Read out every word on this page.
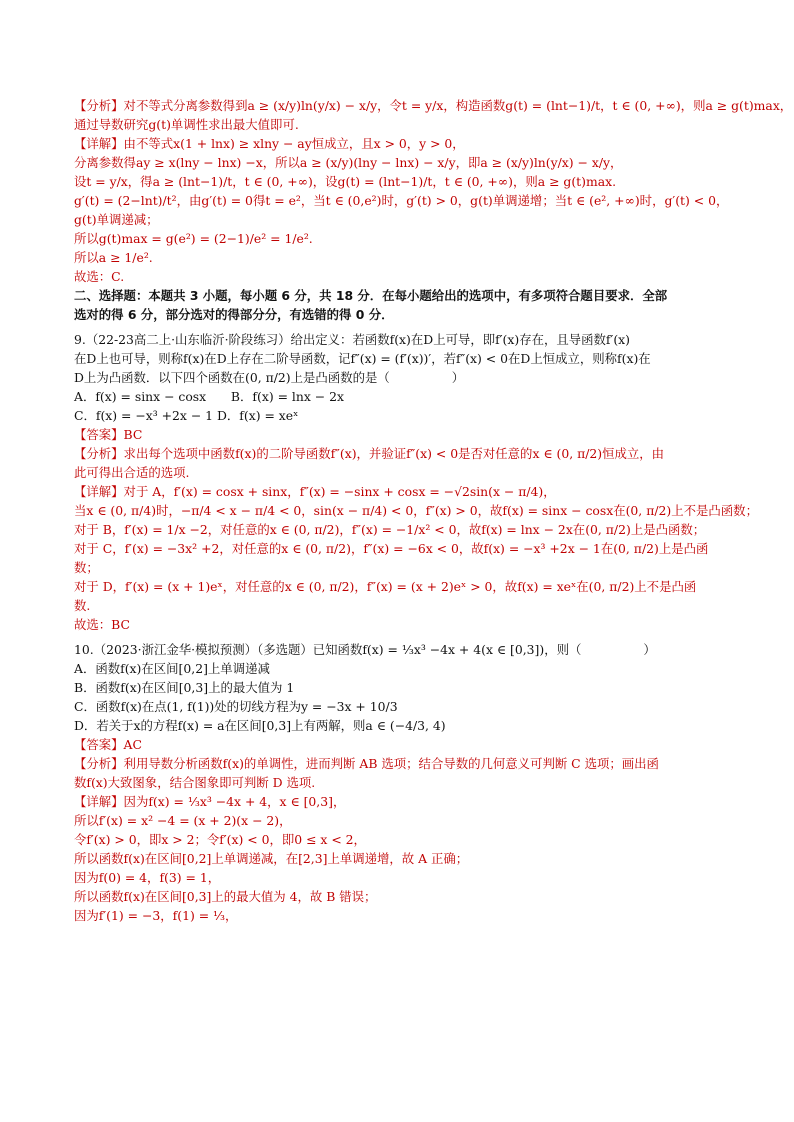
【分析】对不等式分离参数得到a ≥ (x/y)ln(y/x) − x/y，令t = y/x，构造函数g(t) = (lnt−1)/t，t ∈ (0, +∞)，则a ≥ g(t)max，
通过导数研究g(t)单调性求出最大值即可.
【详解】由不等式x(1 + lnx) ≥ xlny − ay恒成立，且x > 0，y > 0，
分离参数得ay ≥ x(lny − lnx) −x，所以a ≥ (x/y)(lny − lnx) − x/y，即a ≥ (x/y)ln(y/x) − x/y，
设t = y/x，得a ≥ (lnt−1)/t，t ∈ (0, +∞)，设g(t) = (lnt−1)/t，t ∈ (0, +∞)，则a ≥ g(t)max.
g′(t) = (2−lnt)/t²，由g′(t) = 0得t = e²，当t ∈ (0,e²)时，g′(t) > 0，g(t)单调递增；当t ∈ (e², +∞)时，g′(t) < 0，
g(t)单调递减；
所以g(t)max = g(e²) = (2−1)/e² = 1/e².
所以a ≥ 1/e².
故选：C.
二、选择题：本题共 3 小题，每小题 6 分，共 18 分．在每小题给出的选项中，有多项符合题目要求．全部
选对的得 6 分，部分选对的得部分分，有选错的得 0 分．
9.（22-23高二上·山东临沂·阶段练习）给出定义：若函数f(x)在D上可导，即f′(x)存在，且导函数f′(x)
在D上也可导，则称f(x)在D上存在二阶导函数，记f″(x) = (f′(x))′，若f″(x) < 0在D上恒成立，则称f(x)在
D上为凸函数．以下四个函数在(0, π/2)上是凸函数的是（　　　　　）
A．f(x) = sinx − cosx　　B．f(x) = lnx − 2x
C．f(x) = −x³ +2x − 1 D．f(x) = xeˣ
【答案】BC
【分析】求出每个选项中函数f(x)的二阶导函数f″(x)，并验证f″(x) < 0是否对任意的x ∈ (0, π/2)恒成立，由
此可得出合适的选项.
【详解】对于 A，f′(x) = cosx + sinx，f″(x) = −sinx + cosx = −√2sin(x − π/4)，
当x ∈ (0, π/4)时，−π/4 < x − π/4 < 0，sin(x − π/4) < 0，f″(x) > 0，故f(x) = sinx − cosx在(0, π/2)上不是凸函数；
对于 B，f′(x) = 1/x −2，对任意的x ∈ (0, π/2)，f″(x) = −1/x² < 0，故f(x) = lnx − 2x在(0, π/2)上是凸函数；
对于 C，f′(x) = −3x² +2，对任意的x ∈ (0, π/2)，f″(x) = −6x < 0，故f(x) = −x³ +2x − 1在(0, π/2)上是凸函
数；
对于 D，f′(x) = (x + 1)eˣ，对任意的x ∈ (0, π/2)，f″(x) = (x + 2)eˣ > 0，故f(x) = xeˣ在(0, π/2)上不是凸函
数.
故选：BC
10.（2023·浙江金华·模拟预测）（多选题）已知函数f(x) = ⅓x³ −4x + 4(x ∈ [0,3])，则（　　　　　）
A．函数f(x)在区间[0,2]上单调递减
B．函数f(x)在区间[0,3]上的最大值为 1
C．函数f(x)在点(1, f(1))处的切线方程为y = −3x + 10/3
D．若关于x的方程f(x) = a在区间[0,3]上有两解，则a ∈ (−4/3, 4)
【答案】AC
【分析】利用导数分析函数f(x)的单调性，进而判断 AB 选项；结合导数的几何意义可判断 C 选项；画出函
数f(x)大致图象，结合图象即可判断 D 选项.
【详解】因为f(x) = ⅓x³ −4x + 4，x ∈ [0,3]，
所以f′(x) = x² −4 = (x + 2)(x − 2)，
令f′(x) > 0，即x > 2；令f′(x) < 0，即0 ≤ x < 2，
所以函数f(x)在区间[0,2]上单调递减，在[2,3]上单调递增，故 A 正确；
因为f(0) = 4，f(3) = 1，
所以函数f(x)在区间[0,3]上的最大值为 4，故 B 错误；
因为f′(1) = −3，f(1) = ⅓，
